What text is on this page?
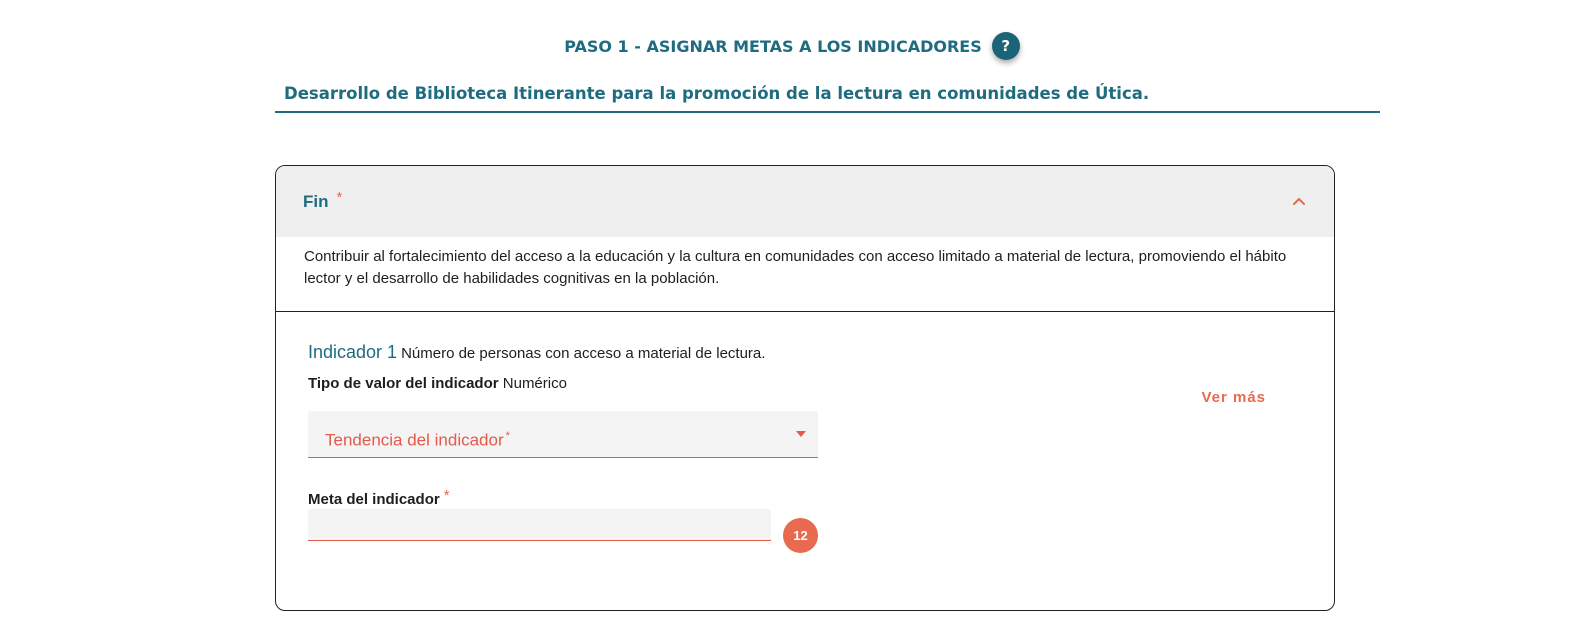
PASO 1 - ASIGNAR METAS A LOS INDICADORES	?
Desarrollo de Biblioteca Itinerante para la promoción de la lectura en comunidades de Útica.
Fin *
Contribuir al fortalecimiento del acceso a la educación y la cultura en comunidades con acceso limitado a material de lectura, promoviendo el hábito lector y el desarrollo de habilidades cognitivas en la población.
Indicador 1 Número de personas con acceso a material de lectura.
Tipo de valor del indicador Numérico
Ver más
Tendencia del indicador *
Meta del indicador *
12
